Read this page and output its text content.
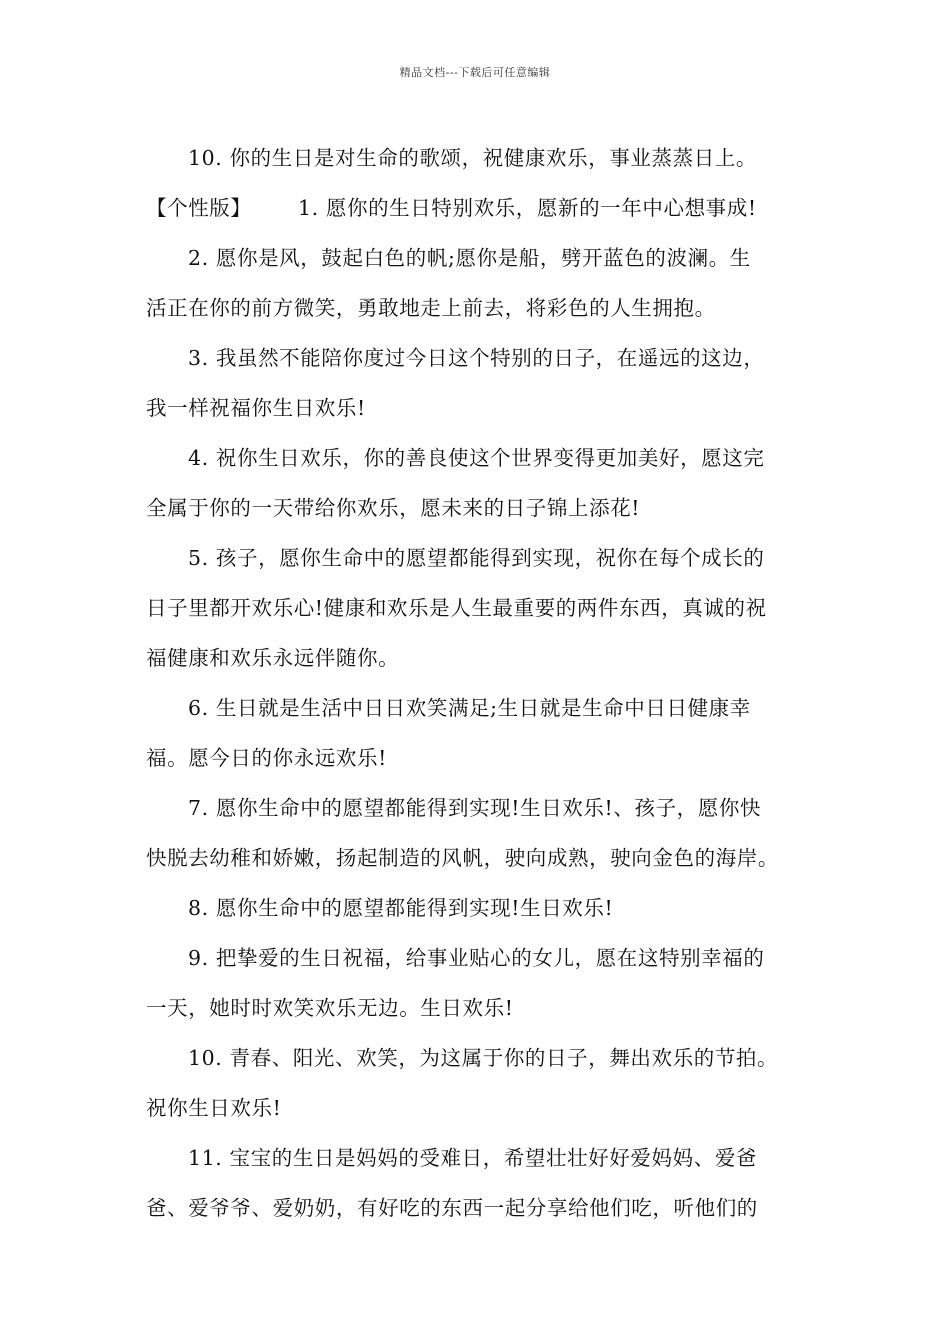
精品文档---下载后可任意编辑
10. 你的生日是对生命的歌颂，祝健康欢乐，事业蒸蒸日上。
【个性版】 1. 愿你的生日特别欢乐，愿新的一年中心想事成!
2. 愿你是风，鼓起白色的帆;愿你是船，劈开蓝色的波澜。生
活正在你的前方微笑，勇敢地走上前去，将彩色的人生拥抱。
3. 我虽然不能陪你度过今日这个特别的日子，在遥远的这边，
我一样祝福你生日欢乐!
4. 祝你生日欢乐，你的善良使这个世界变得更加美好，愿这完
全属于你的一天带给你欢乐，愿未来的日子锦上添花!
5. 孩子，愿你生命中的愿望都能得到实现，祝你在每个成长的
日子里都开欢乐心!健康和欢乐是人生最重要的两件东西，真诚的祝
福健康和欢乐永远伴随你。
6. 生日就是生活中日日欢笑满足;生日就是生命中日日健康幸
福。愿今日的你永远欢乐!
7. 愿你生命中的愿望都能得到实现!生日欢乐!、孩子，愿你快
快脱去幼稚和娇嫩，扬起制造的风帆，驶向成熟，驶向金色的海岸。
8. 愿你生命中的愿望都能得到实现!生日欢乐!
9. 把挚爱的生日祝福，给事业贴心的女儿，愿在这特别幸福的
一天，她时时欢笑欢乐无边。生日欢乐!
10. 青春、阳光、欢笑，为这属于你的日子，舞出欢乐的节拍。
祝你生日欢乐!
11. 宝宝的生日是妈妈的受难日，希望壮壮好好爱妈妈、爱爸
爸、爱爷爷、爱奶奶，有好吃的东西一起分享给他们吃，听他们的
